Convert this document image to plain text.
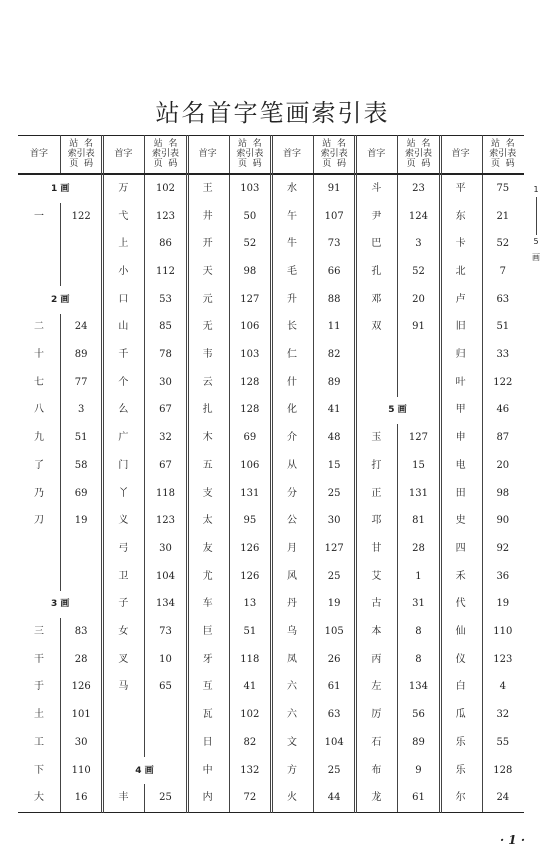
站名首字笔画索引表
首字
站  名
索引表
页  码
1 画
一	122
2 画
二	24
十	89
七	77
八	3
九	51
了	58
乃	69
刀	19
3 画
三	83
干	28
于	126
土	101
工	30
下	110
大	16
首字
站  名
索引表
页  码
万	102
弋	123
上	86
小	112
口	53
山	85
千	78
个	30
么	67
广	32
门	67
丫	118
义	123
弓	30
卫	104
子	134
女	73
叉	10
马	65
4 画
丰	25
首字
站  名
索引表
页  码
王	103
井	50
开	52
天	98
元	127
无	106
韦	103
云	128
扎	128
木	69
五	106
支	131
太	95
友	126
尤	126
车	13
巨	51
牙	118
互	41
瓦	102
日	82
中	132
内	72
首字
站  名
索引表
页  码
水	91
午	107
牛	73
毛	66
升	88
长	11
仁	82
什	89
化	41
介	48
从	15
分	25
公	30
月	127
风	25
丹	19
乌	105
凤	26
六	61
六	63
文	104
方	25
火	44
首字
站  名
索引表
页  码
斗	23
尹	124
巴	3
孔	52
邓	20
双	91
5 画
玉	127
打	15
正	131
邛	81
甘	28
艾	1
古	31
本	8
丙	8
左	134
厉	56
石	89
布	9
龙	61
首字
站  名
索引表
页  码
平	75
东	21
卡	52
北	7
卢	63
旧	51
归	33
叶	122
甲	46
申	87
电	20
田	98
史	90
四	92
禾	36
代	19
仙	110
仪	123
白	4
瓜	32
乐	55
乐	128
尔	24
1
5
画
· 1 ·
